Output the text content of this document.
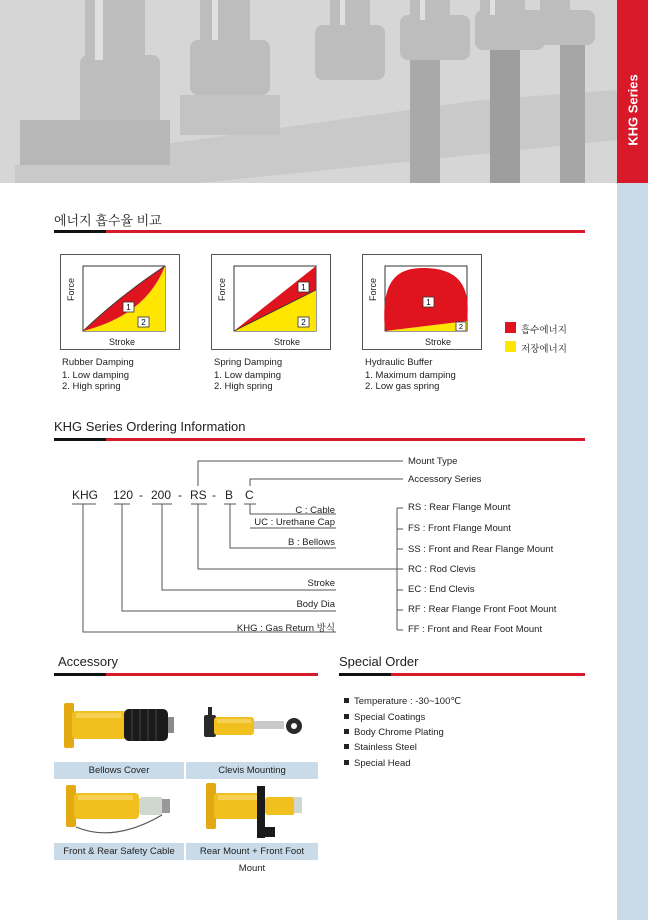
KHG Series
에너지 흡수율 비교
1
2
Force
Stroke
Rubber Damping
1. Low damping
2. High spring
1
2
Force
Stroke
Spring Damping
1. Low damping
2. High spring
1
2
Force
Stroke
Hydraulic Buffer
1. Maximum damping
2. Low gas spring
흡수에너지
저장에너지
KHG Series Ordering Information
KHG 120 - 200 - RS - B C
Mount Type
Accessory Series
C : Cable
UC : Urethane Cap
B : Bellows
Stroke
Body Dia
KHG : Gas Return 방식
RS : Rear Flange Mount
FS : Front Flange Mount
SS : Front and Rear Flange Mount
RC : Rod Clevis
EC : End Clevis
RF : Rear Flange Front Foot Mount
FF : Front and Rear Foot Mount
Accessory
Bellows Cover	Clevis Mounting
Front & Rear Safety Cable	Rear Mount + Front Foot Mount
Special Order
Temperature : -30~100℃
Special Coatings
Body Chrome Plating
Stainless Steel
Special Head
